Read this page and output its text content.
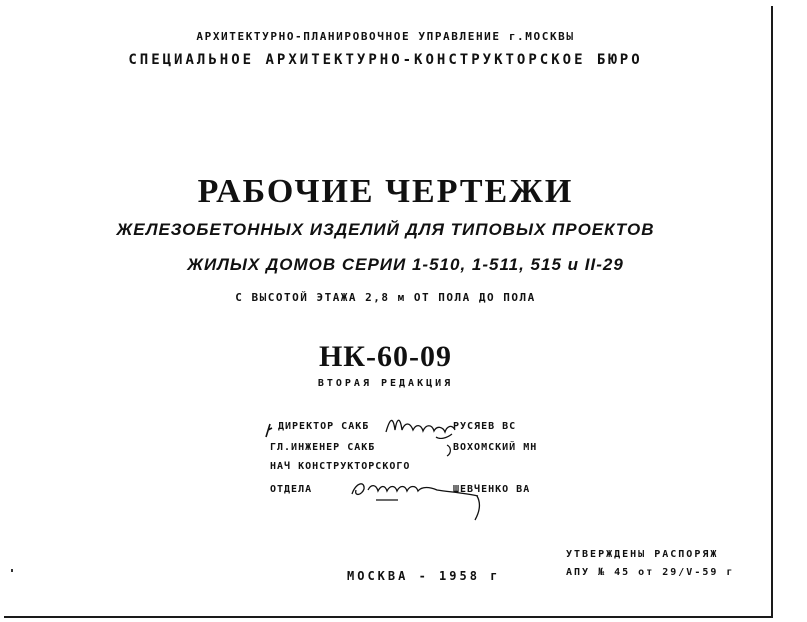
АРХИТЕКТУРНО-ПЛАНИРОВОЧНОЕ УПРАВЛЕНИЕ г.МОСКВЫ
СПЕЦИАЛЬНОЕ АРХИТЕКТУРНО-КОНСТРУКТОРСКОЕ БЮРО
РАБОЧИЕ ЧЕРТЕЖИ
ЖЕЛЕЗОБЕТОННЫХ ИЗДЕЛИЙ ДЛЯ ТИПОВЫХ ПРОЕКТОВ
ЖИЛЫХ ДОМОВ СЕРИИ 1-510, 1-511, 515 и II-29
С ВЫСОТОЙ ЭТАЖА 2,8 м ОТ ПОЛА ДО ПОЛА
НК-60-09
ВТОРАЯ РЕДАКЦИЯ
ДИРЕКТОР САКБ	РУСЯЕВ ВС
ГЛ.ИНЖЕНЕР САКБ	ВОХОМСКИЙ МН
НАЧ КОНСТРУКТОРСКОГО
ОТДЕЛА	ШЕВЧЕНКО ВА
МОСКВА - 1958 г
УТВЕРЖДЕНЫ РАСПОРЯЖ
АПУ № 45 от 29/V-59 г
